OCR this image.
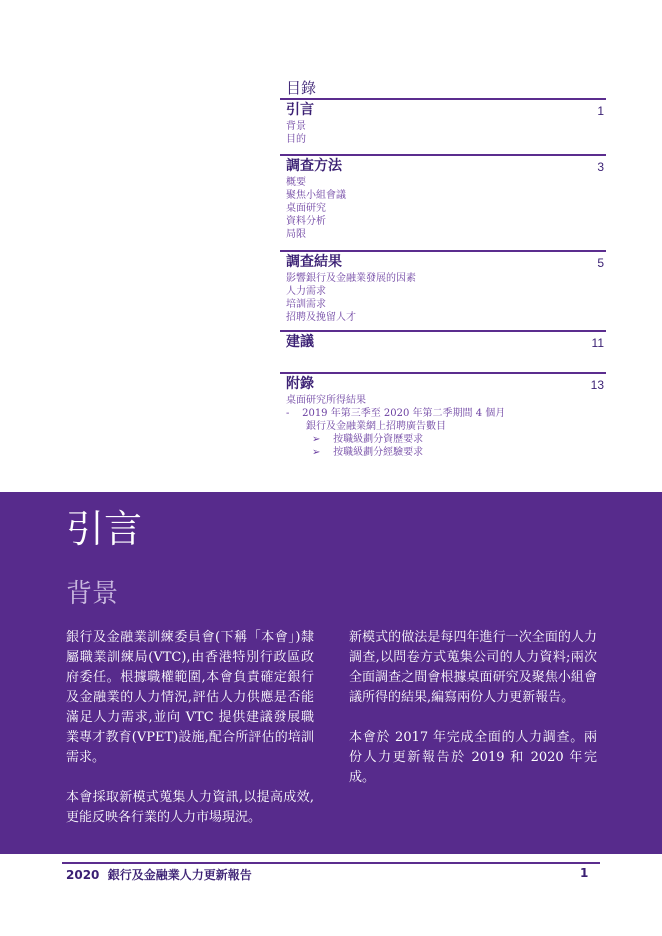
目錄
引言	1
背景
目的
調查方法	3
概要
聚焦小組會議
桌面研究
資料分析
局限
調查結果	5
影響銀行及金融業發展的因素
人力需求
培訓需求
招聘及挽留人才
建議	11
附錄	13
桌面研究所得結果
-    2019 年第三季至 2020 年第二季期間 4 個月
銀行及金融業網上招聘廣告數目
➢ 按職級劃分資歷要求
➢ 按職級劃分經驗要求
引言
背景

銀行及金融業訓練委員會(下稱「本會」)隸屬職業訓練局(VTC),由香港特別行政區政府委任。根據職權範圍,本會負責確定銀行及金融業的人力情況,評估人力供應是否能滿足人力需求,並向 VTC 提供建議發展職業專才教育(VPET)設施,配合所評估的培訓需求。

本會採取新模式蒐集人力資訊,以提高成效,更能反映各行業的人力市場現況。

新模式的做法是每四年進行一次全面的人力調查,以問卷方式蒐集公司的人力資料;兩次全面調查之間會根據桌面研究及聚焦小組會議所得的結果,編寫兩份人力更新報告。

本會於 2017 年完成全面的人力調查。兩份人力更新報告於 2019 和 2020 年完成。

2020  銀行及金融業人力更新報告	1
